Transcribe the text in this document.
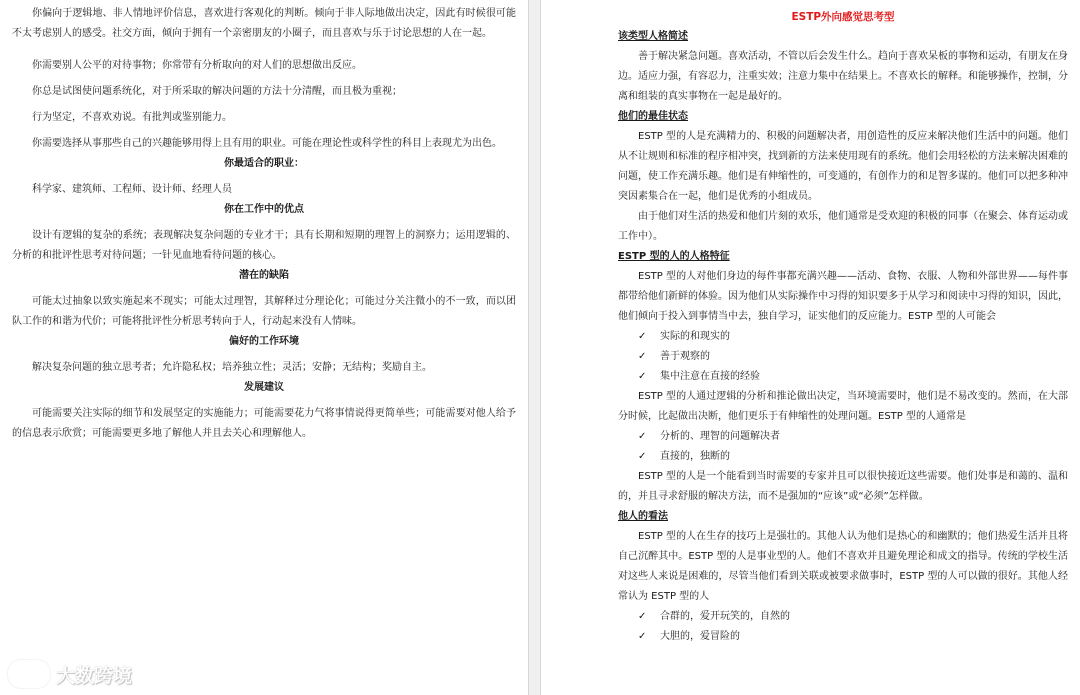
你偏向于逻辑地、非人情地评价信息，喜欢进行客观化的判断。倾向于非人际地做出决定，因此有时候很可能不太考虑别人的感受。社交方面，倾向于拥有一个亲密朋友的小圈子，而且喜欢与乐于讨论思想的人在一起。

你需要别人公平的对待事物；你常带有分析取向的对人们的思想做出反应。

你总是试图使问题系统化，对于所采取的解决问题的方法十分清醒，而且极为重视；

行为坚定，不喜欢劝说。有批判或鉴别能力。

你需要选择从事那些自己的兴趣能够用得上且有用的职业。可能在理论性或科学性的科目上表现尤为出色。

你最适合的职业：

科学家、建筑师、工程师、设计师、经理人员

你在工作中的优点

设计有逻辑的复杂的系统；表现解决复杂问题的专业才干；具有长期和短期的理智上的洞察力；运用逻辑的、分析的和批评性思考对待问题；一针见血地看待问题的核心。

潜在的缺陷

可能太过抽象以致实施起来不现实；可能太过理智，其解释过分理论化；可能过分关注微小的不一致，而以团队工作的和谐为代价；可能将批评性分析思考转向于人，行动起来没有人情味。

偏好的工作环境

解决复杂问题的独立思考者；允许隐私权；培养独立性；灵活；安静；无结构；奖励自主。

发展建议

可能需要关注实际的细节和发展坚定的实施能力；可能需要花力气将事情说得更简单些；可能需要对他人给予的信息表示欣赏；可能需要更多地了解他人并且去关心和理解他人。

ESTP外向感觉思考型

该类型人格简述

善于解决紧急问题。喜欢活动，不管以后会发生什么。趋向于喜欢呆板的事物和运动，有朋友在身边。适应力强，有容忍力，注重实效；注意力集中在结果上。不喜欢长的解释。和能够操作，控制，分离和组装的真实事物在一起是最好的。

他们的最佳状态

ESTP 型的人是充满精力的、积极的问题解决者，用创造性的反应来解决他们生活中的问题。他们从不让规则和标准的程序相冲突，找到新的方法来使用现有的系统。他们会用轻松的方法来解决困难的问题，使工作充满乐趣。他们是有伸缩性的，可变通的，有创作力的和足智多谋的。他们可以把多种冲突因素集合在一起，他们是优秀的小组成员。

由于他们对生活的热爱和他们片刻的欢乐，他们通常是受欢迎的积极的同事（在聚会、体育运动或工作中）。

ESTP 型的人的人格特征

ESTP 型的人对他们身边的每件事都充满兴趣——活动、食物、衣服、人物和外部世界——每件事都带给他们新鲜的体验。因为他们从实际操作中习得的知识要多于从学习和阅读中习得的知识，因此，他们倾向于投入到事情当中去，独自学习，证实他们的反应能力。ESTP 型的人可能会

✓ 实际的和现实的

✓ 善于观察的

✓ 集中注意在直接的经验

ESTP 型的人通过逻辑的分析和推论做出决定，当环境需要时，他们是不易改变的。然而，在大部分时候，比起做出决断，他们更乐于有伸缩性的处理问题。ESTP 型的人通常是

✓ 分析的、理智的问题解决者

✓ 直接的，独断的

ESTP 型的人是一个能看到当时需要的专家并且可以很快接近这些需要。他们处事是和蔼的、温和的，并且寻求舒服的解决方法，而不是强加的“应该”或“必须”怎样做。

他人的看法

ESTP 型的人在生存的技巧上是强壮的。其他人认为他们是热心的和幽默的；他们热爱生活并且将自己沉醉其中。ESTP 型的人是事业型的人。他们不喜欢并且避免理论和成文的指导。传统的学校生活对这些人来说是困难的，尽管当他们看到关联或被要求做事时，ESTP 型的人可以做的很好。其他人经常认为 ESTP 型的人

✓ 合群的，爱开玩笑的，自然的

✓ 大胆的，爱冒险的

大数跨境
